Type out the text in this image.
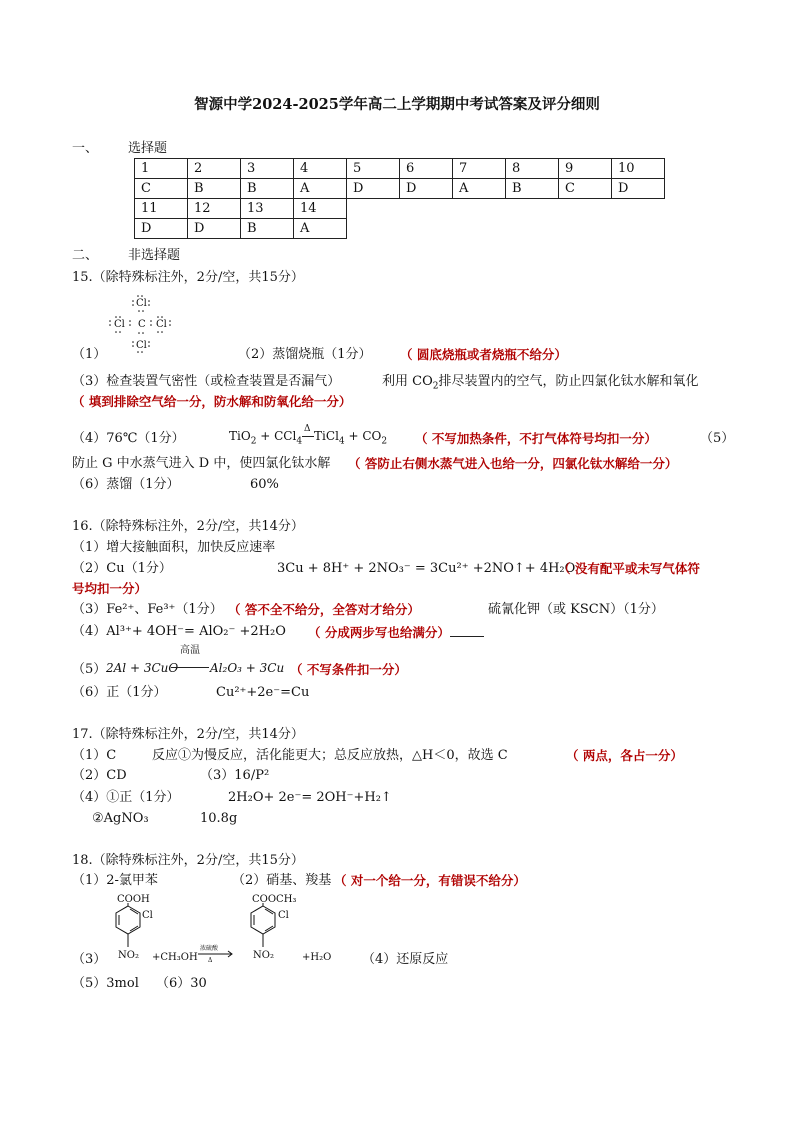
智源中学2024-2025学年高二上学期期中考试答案及评分细则
一、 选择题
1	2	3	4	5	6	7	8	9	10
C	B	B	A	D	D	A	B	C	D
11	12	13	14						
D	D	B	A						
二、 非选择题
15.（除特殊标注外，2分/空，共15分）
Cl
Cl C Cl
Cl
（1）	（2）蒸馏烧瓶（1分） （ 圆底烧瓶或者烧瓶不给分）
（3）检查装置气密性（或检查装置是否漏气）	利用 $CO_2$排尽装置内的空气，防止四氯化钛水解和氧化
（ 填到排除空气给一分，防水解和防氧化给一分）
（4）76℃（1分）	TiO$_2$ + CCl$_4$
Δ TiCl$_4$ + $CO_2$ （ 不写加热条件，不打气体符号均扣一分）	（5）
防止 G 中水蒸气进入 D 中，使四氯化钛水解 （ 答防止右侧水蒸气进入也给一分，四氯化钛水解给一分）
（6）蒸馏（1分）	60%
16.（除特殊标注外，2分/空，共14分）
（1）增大接触面积，加快反应速率
（2）Cu（1分）	3Cu + 8H⁺ + 2NO₃⁻ = 3Cu²⁺ +2NO↑+ 4H₂O
（ 没有配平或未写气体符
号均扣一分）
（3）Fe²⁺、Fe³⁺（1分） （ 答不全不给分，全答对才给分）	硫氰化钾（或 KSCN）（1分）
（4）Al³⁺+ 4OH⁻= AlO₂⁻ +2H₂O （ 分成两步写也给满分）
（5）
高温
2Al + 3CuO	Al₂O₃ + 3Cu （ 不写条件扣一分）
（6）正（1分）	Cu²⁺+2e⁻=Cu
17.（除特殊标注外，2分/空，共14分）
（1）C	反应①为慢反应，活化能更大；总反应放热，△H＜0，故选 C	（ 两点，各占一分）
（2）CD	（3）16/P²
（4）①正（1分）	2H₂O+ 2e⁻= 2OH⁻+H₂↑
②AgNO₃	10.8g
18.（除特殊标注外，2分/空，共15分）
（1）2-氯甲苯	（2）硝基、羧基 （ 对一个给一分，有错误不给分）
COOH
Cl
NO₂
COOCH₃
Cl
NO₂
+CH₃OH
浓硫酸
Δ	+H₂O
（3）	（4）还原反应
（5）3mol （6）30
